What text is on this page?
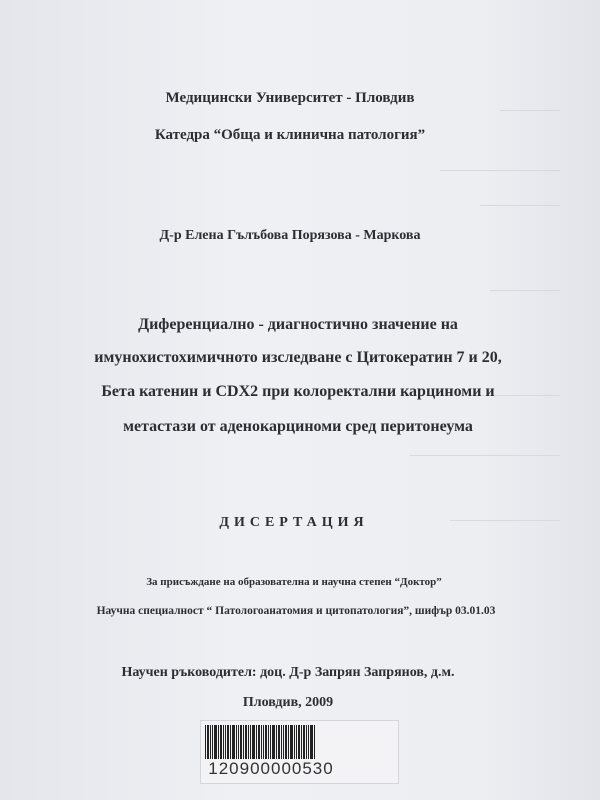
Медицински Университет - Пловдив
Катедра “Обща и клинична патология”
Д-р Елена Гълъбова Порязова - Маркова
Диференциално - диагностично значение на
имунохистохимичното изследване с Цитокератин 7 и 20,
Бета катенин и CDX2 при колоректални карциноми и
метастази от аденокарциноми сред перитонеума
ДИСЕРТАЦИЯ
За присъждане на образователна и научна степен “Доктор”
Научна специалност “ Патологоанатомия и цитопатология”, шифър 03.01.03
Научен ръководител: доц. Д-р Запрян Запрянов, д.м.
Пловдив, 2009
120900000530
